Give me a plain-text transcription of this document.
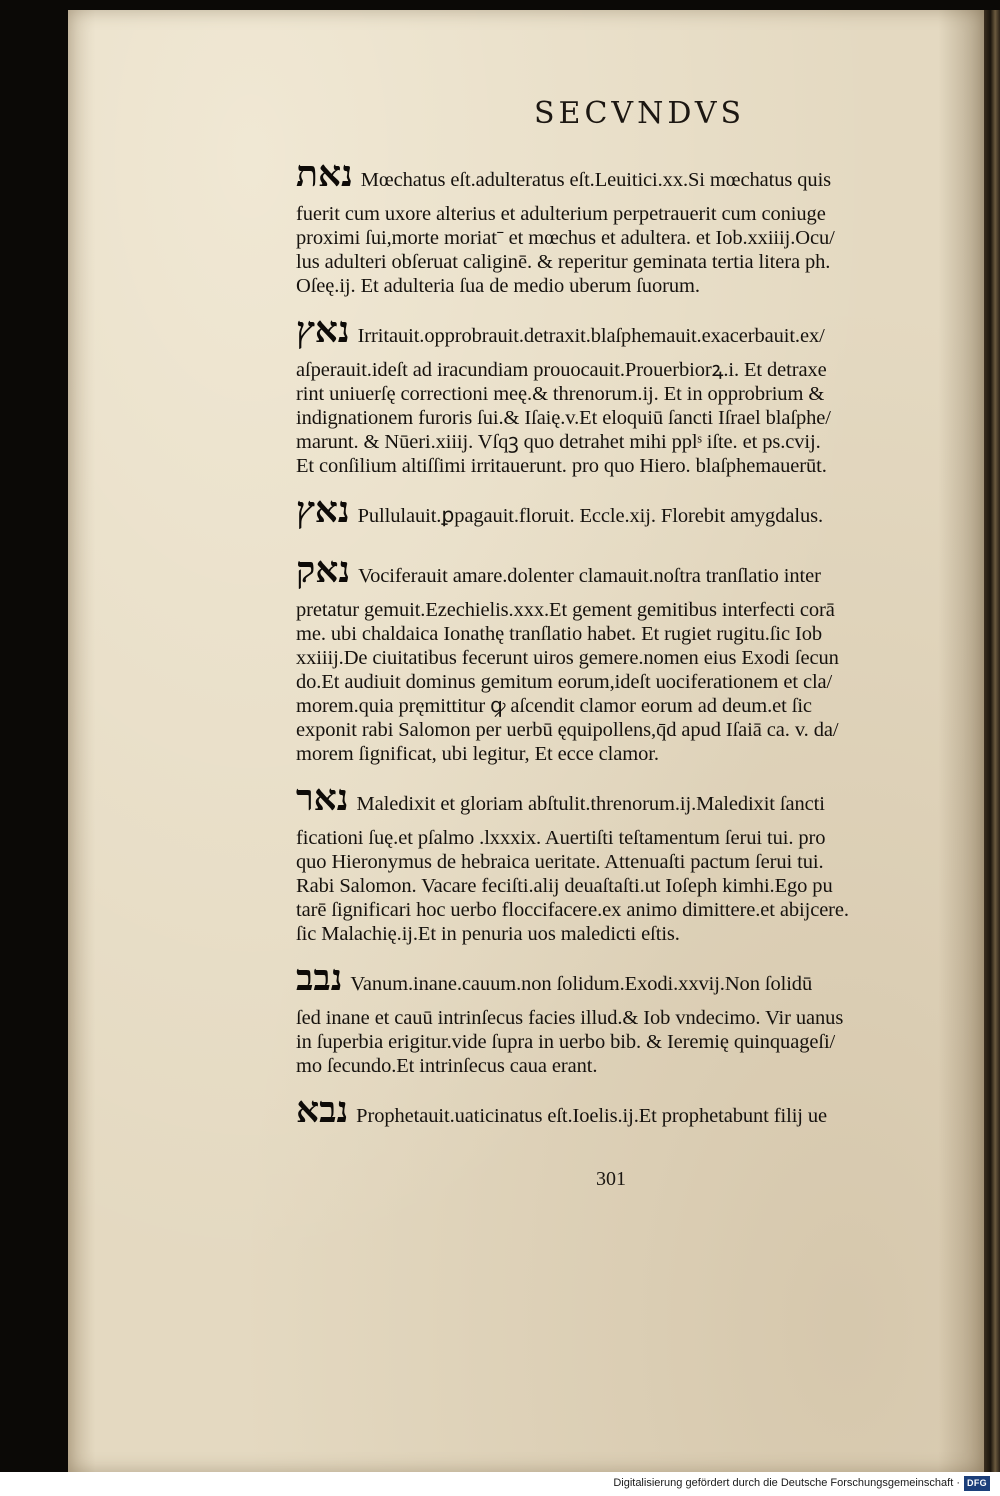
SECVNDVS
נאת Mœchatus eſt.adulteratus eſt.Leuitici.xx.Si mœchatus quis
fuerit cum uxore alterius et adulterium perpetrauerit cum coniuge
proximi ſui,morte moriatˉ et mœchus et adultera. et Iob.xxiiij.Ocu/
lus adulteri obſeruat caliginē. & reperitur geminata tertia litera ph.
Oſeę.ij. Et adulteria ſua de medio uberum ſuorum.
נאץ Irritauit.opprobrauit.detraxit.blaſphemauit.exacerbauit.ex/
aſperauit.ideſt ad iracundiam prouocauit.Prouerbiorꝝ.i. Et detraxe
rint uniuerſę correctioni meę.& threnorum.ij. Et in opprobrium &
indignationem furoris ſui.& Iſaię.v.Et eloquiū ſancti Iſrael blaſphe/
marunt. & Nūeri.xiiij. Vſqꝫ quo detrahet mihi pplˢ iſte. et ps.cvij.
Et conſilium altiſſimi irritauerunt. pro quo Hiero. blaſphemauerūt.
נאץ Pullulauit.ꝑpagauit.floruit. Eccle.xij. Florebit amygdalus.
נאק Vociferauit amare.dolenter clamauit.noſtra tranſlatio inter
pretatur gemuit.Ezechielis.xxx.Et gement gemitibus interfecti corā
me. ubi chaldaica Ionathę tranſlatio habet. Et rugiet rugitu.ſic Iob
xxiiij.De ciuitatibus fecerunt uiros gemere.nomen eius Exodi ſecun
do.Et audiuit dominus gemitum eorum,ideſt uociferationem et cla/
morem.quia pręmittitur ꝙ aſcendit clamor eorum ad deum.et ſic
exponit rabi Salomon per uerbū ęquipollens,q̄d apud Iſaiā ca. v. da/
morem ſignificat, ubi legitur, Et ecce clamor.
נאר Maledixit et gloriam abſtulit.threnorum.ij.Maledixit ſancti
ficationi ſuę.et pſalmo .lxxxix. Auertiſti teſtamentum ſerui tui. pro
quo Hieronymus de hebraica ueritate. Attenuaſti pactum ſerui tui.
Rabi Salomon. Vacare feciſti.alij deuaſtaſti.ut Ioſeph kimhi.Ego pu
tarē ſignificari hoc uerbo floccifacere.ex animo dimittere.et abijcere.
ſic Malachię.ij.Et in penuria uos maledicti eſtis.
נבב Vanum.inane.cauum.non ſolidum.Exodi.xxvij.Non ſolidū
ſed inane et cauū intrinſecus facies illud.& Iob vndecimo. Vir uanus
in ſuperbia erigitur.vide ſupra in uerbo bib. & Ieremię quinquageſi/
mo ſecundo.Et intrinſecus caua erant.
נבא Prophetauit.uaticinatus eſt.Ioelis.ij.Et prophetabunt filij ue
301
Digitalisierung gefördert durch die Deutsche Forschungsgemeinschaft · DFG
